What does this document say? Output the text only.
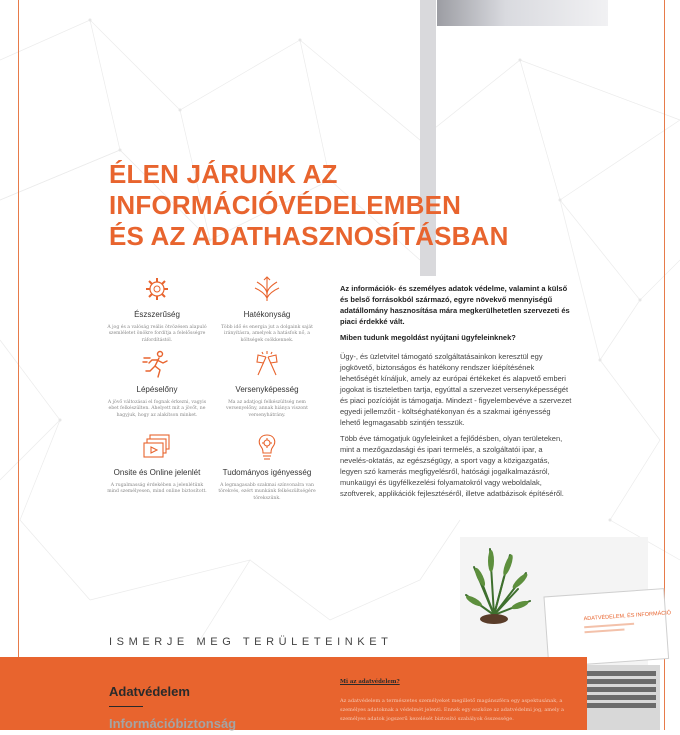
ÉLEN JÁRUNK AZ
INFORMÁCIÓVÉDELEMBEN
ÉS AZ ADATHASZNOSÍTÁSBAN
Észszerűség
A jog és a valóság reális ötvözésen alapuló szemléletet önökre fordítja a felelősségre ráfordítástól.
Hatékonyság
Több idő és energia jut a dolgaink saját irányításra, amelyek a hatásfok nő, a költségek csökkennek.
Lépéselőny
A jövő változásai el fognak érkezni, vagyis ebet felkészülten. Ahelyett mit a jövőt, ne hagyjuk, hogy az alakítson minket.
Versenyképesség
Ma az adatjogi felkészültség nem versenyelőny, annak hiánya viszont versenyhátrány.
Onsite és Online jelenlét
A rugalmasság érdekében a jelenlétünk mind személyesen, mind online biztosított.
Tudományos igényesség
A legmagasabb szakmai színvonalra van törekvés, ezért munkánk felkészültségére törekszünk.

Az információk- és személyes adatok védelme, valamint a külső és belső forrásokból származó, egyre növekvő mennyiségű adatállomány hasznosítása mára megkerülhetetlen szervezeti és piaci érdekké vált.

Miben tudunk megoldást nyújtani ügyfeleinknek?

Ügy-, és üzletvitel támogató szolgáltatásainkon keresztül egy jogkövető, biztonságos és hatékony rendszer kiépítésének lehetőségét kínáljuk, amely az európai értékeket és alapvető emberi jogokat is tiszteletben tartja, egyúttal a szervezet versenyképességét és piaci pozícióját is támogatja. Mindezt - figyelembevéve a szervezet egyedi jellemzőit - költséghatékonyan és a szakmai igényesség lehető legmagasabb szintjén tesszük.

Több éve támogatjuk ügyfeleinket a fejlődésben, olyan területeken, mint a mezőgazdasági és ipari termelés, a szolgáltatói ipar, a nevelés-oktatás, az egészségügy, a sport vagy a közigazgatás, legyen szó kamerás megfigyelésről, hatósági jogalkalmazásról, munkaügyi és ügyfélkezelési folyamatokról vagy weboldalak, szoftverek, applikációk fejlesztéséről, illetve adatbázisok építéséről.

ADATVÉDELEM, ÉS INFORMÁCIÓ
ISMERJE MEG TERÜLETEINKET
Adatvédelem
Információbiztonság
Mi az adatvédelem?

Az adatvédelem a természetes személyeket megillető magánszféra egy aspektusának, a személyes adatoknak a védelmét jelenti. Ennek egy eszköze az adatvédelmi jog, amely a személyes adatok jogszerű kezelését biztosító szabályok összessége.
